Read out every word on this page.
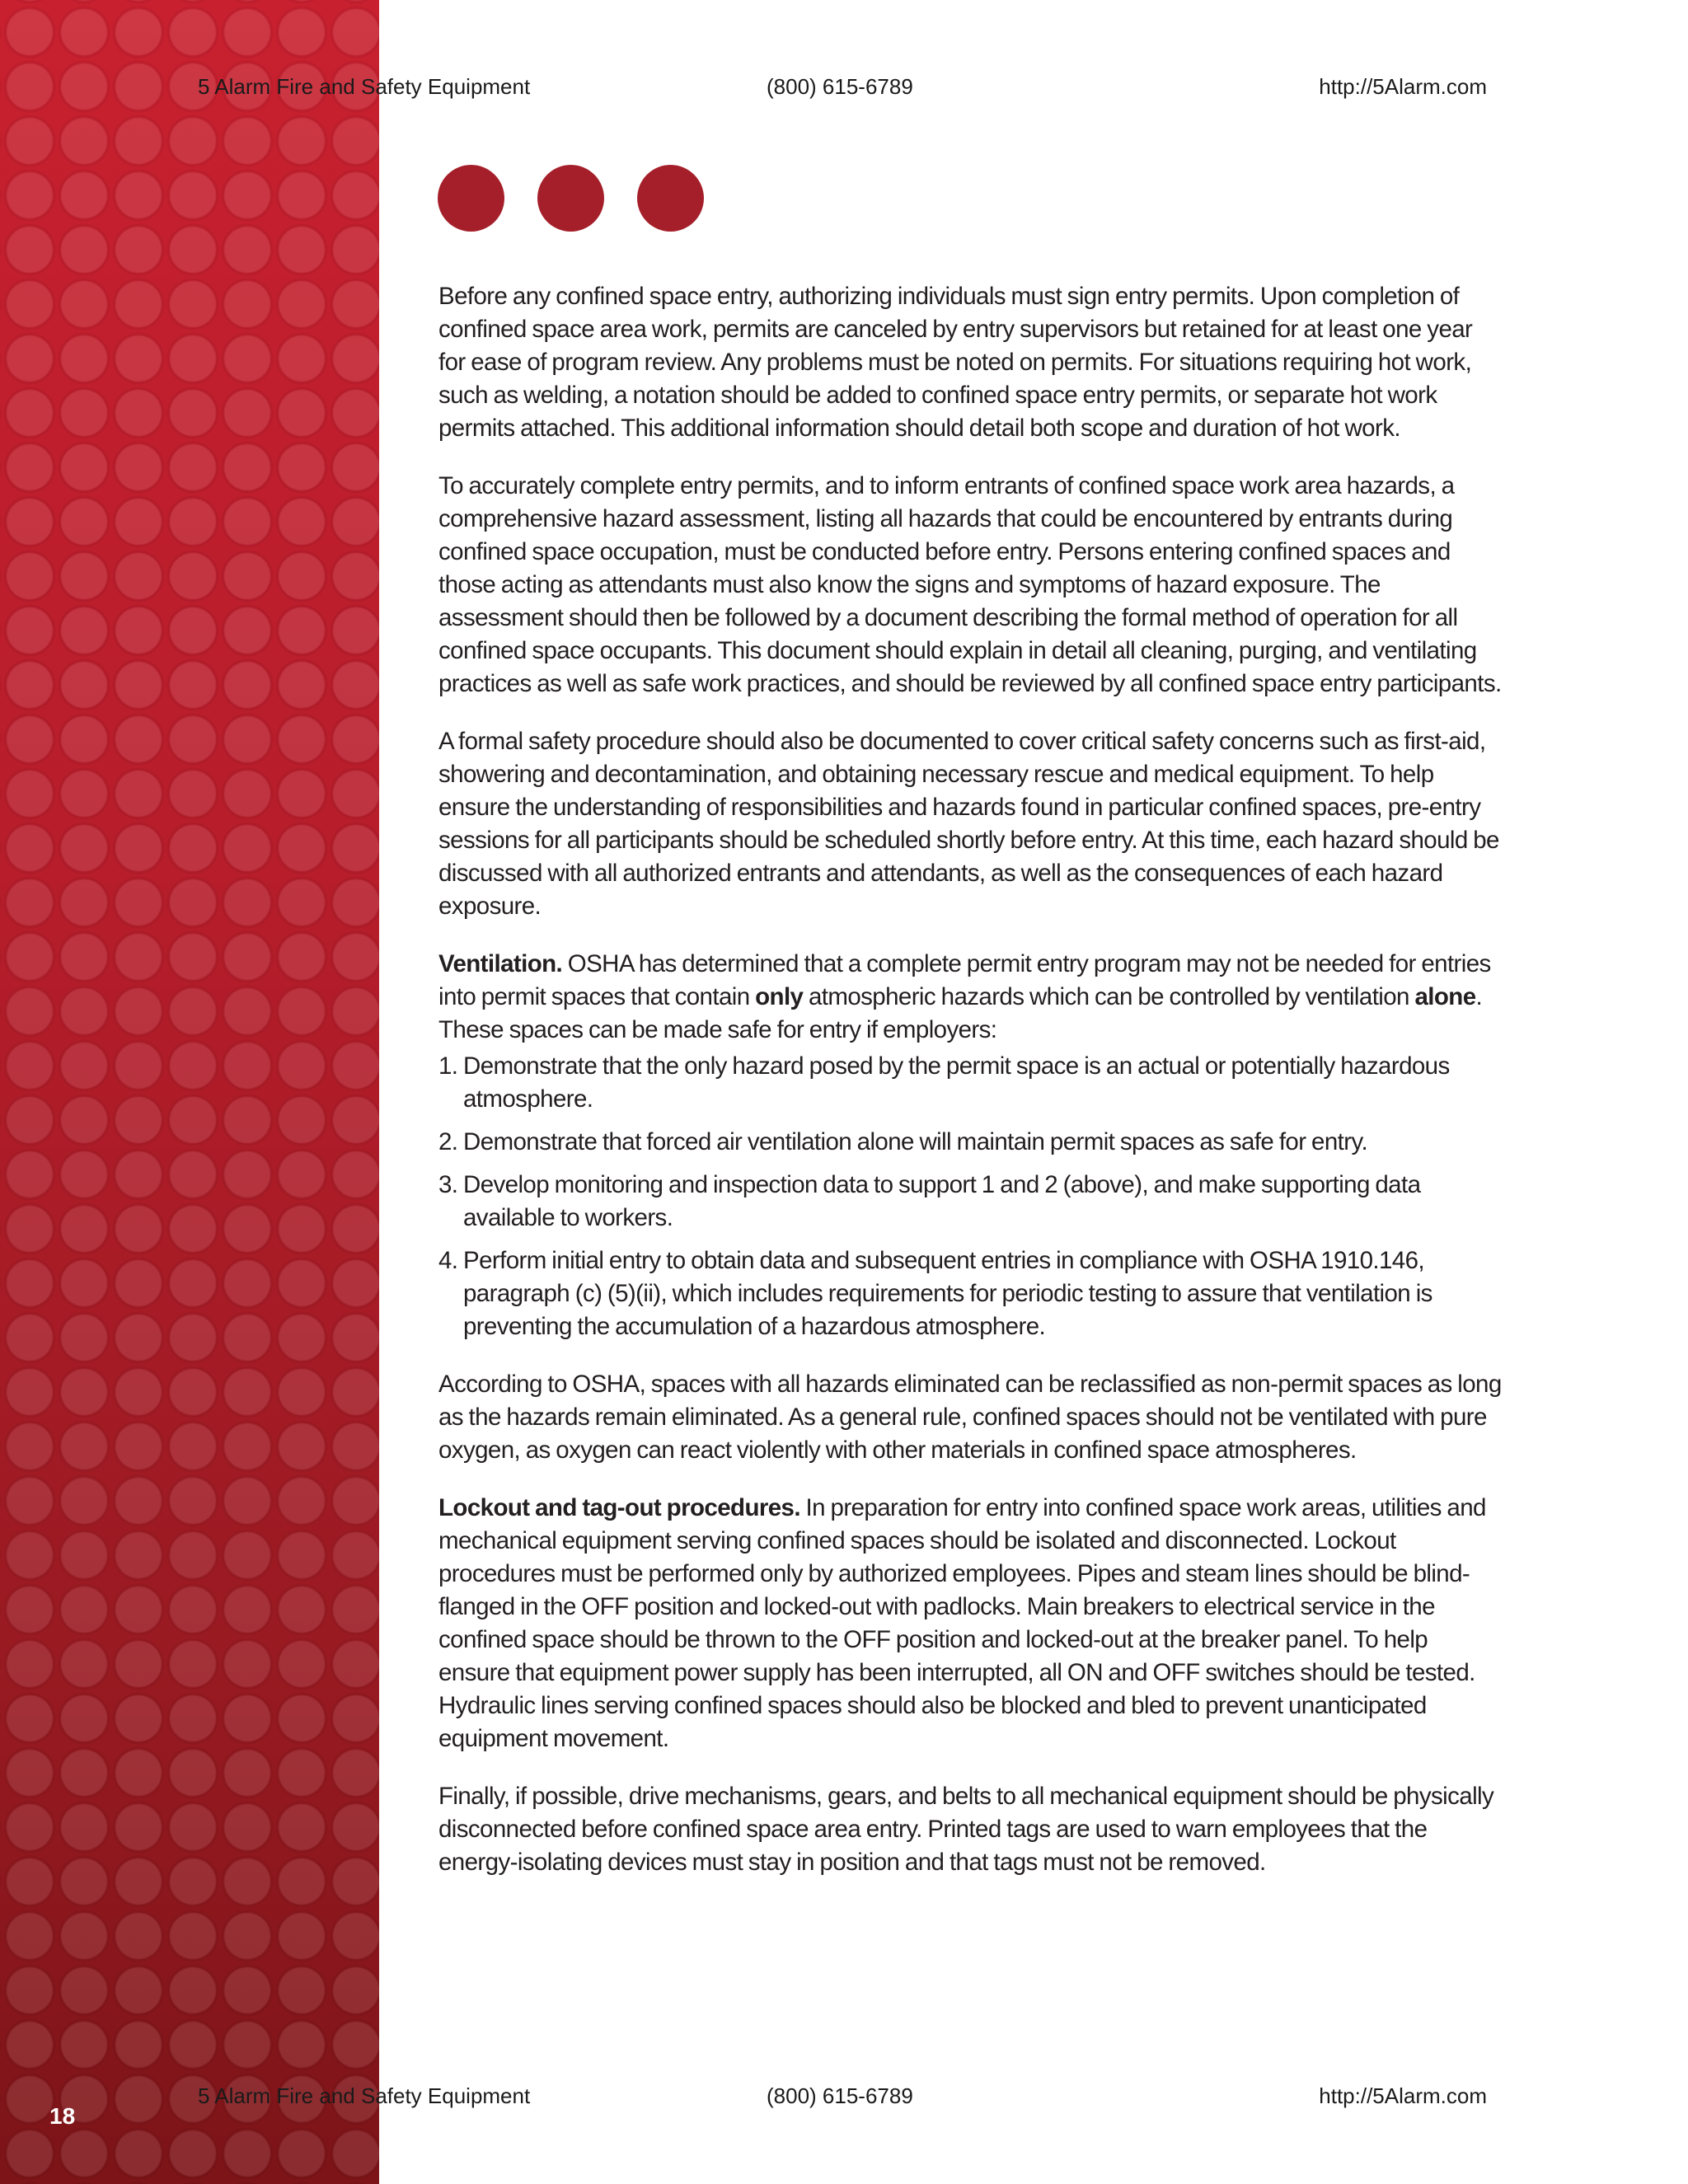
5 Alarm Fire and Safety Equipment	(800) 615-6789	http://5Alarm.com

Before any confined space entry, authorizing individuals must sign entry permits. Upon completion of confined space area work, permits are canceled by entry supervisors but retained for at least one year for ease of program review. Any problems must be noted on permits. For situations requiring hot work, such as welding, a notation should be added to confined space entry permits, or separate hot work permits attached. This additional information should detail both scope and duration of hot work.

To accurately complete entry permits, and to inform entrants of confined space work area hazards, a comprehensive hazard assessment, listing all hazards that could be encountered by entrants during confined space occupation, must be conducted before entry. Persons entering confined spaces and those acting as attendants must also know the signs and symptoms of hazard exposure. The assessment should then be followed by a document describing the formal method of operation for all confined space occupants. This document should explain in detail all cleaning, purging, and ventilating practices as well as safe work practices, and should be reviewed by all confined space entry participants.

A formal safety procedure should also be documented to cover critical safety concerns such as first-aid, showering and decontamination, and obtaining necessary rescue and medical equipment. To help ensure the understanding of responsibilities and hazards found in particular confined spaces, pre-entry sessions for all participants should be scheduled shortly before entry. At this time, each hazard should be discussed with all authorized entrants and attendants, as well as the consequences of each hazard exposure.

Ventilation. OSHA has determined that a complete permit entry program may not be needed for entries into permit spaces that contain only atmospheric hazards which can be controlled by ventilation alone. These spaces can be made safe for entry if employers:

1. Demonstrate that the only hazard posed by the permit space is an actual or potentially hazardous atmosphere.
2. Demonstrate that forced air ventilation alone will maintain permit spaces as safe for entry.
3. Develop monitoring and inspection data to support 1 and 2 (above), and make supporting data available to workers.
4. Perform initial entry to obtain data and subsequent entries in compliance with OSHA 1910.146, paragraph (c) (5)(ii), which includes requirements for periodic testing to assure that ventilation is preventing the accumulation of a hazardous atmosphere.

According to OSHA, spaces with all hazards eliminated can be reclassified as non-permit spaces as long as the hazards remain eliminated. As a general rule, confined spaces should not be ventilated with pure oxygen, as oxygen can react violently with other materials in confined space atmospheres.

Lockout and tag-out procedures. In preparation for entry into confined space work areas, utilities and mechanical equipment serving confined spaces should be isolated and disconnected. Lockout procedures must be performed only by authorized employees. Pipes and steam lines should be blind-flanged in the OFF position and locked-out with padlocks. Main breakers to electrical service in the confined space should be thrown to the OFF position and locked-out at the breaker panel. To help ensure that equipment power supply has been interrupted, all ON and OFF switches should be tested. Hydraulic lines serving confined spaces should also be blocked and bled to prevent unanticipated equipment movement.

Finally, if possible, drive mechanisms, gears, and belts to all mechanical equipment should be physically disconnected before confined space area entry. Printed tags are used to warn employees that the energy-isolating devices must stay in position and that tags must not be removed.

5 Alarm Fire and Safety Equipment	(800) 615-6789	http://5Alarm.com
18
